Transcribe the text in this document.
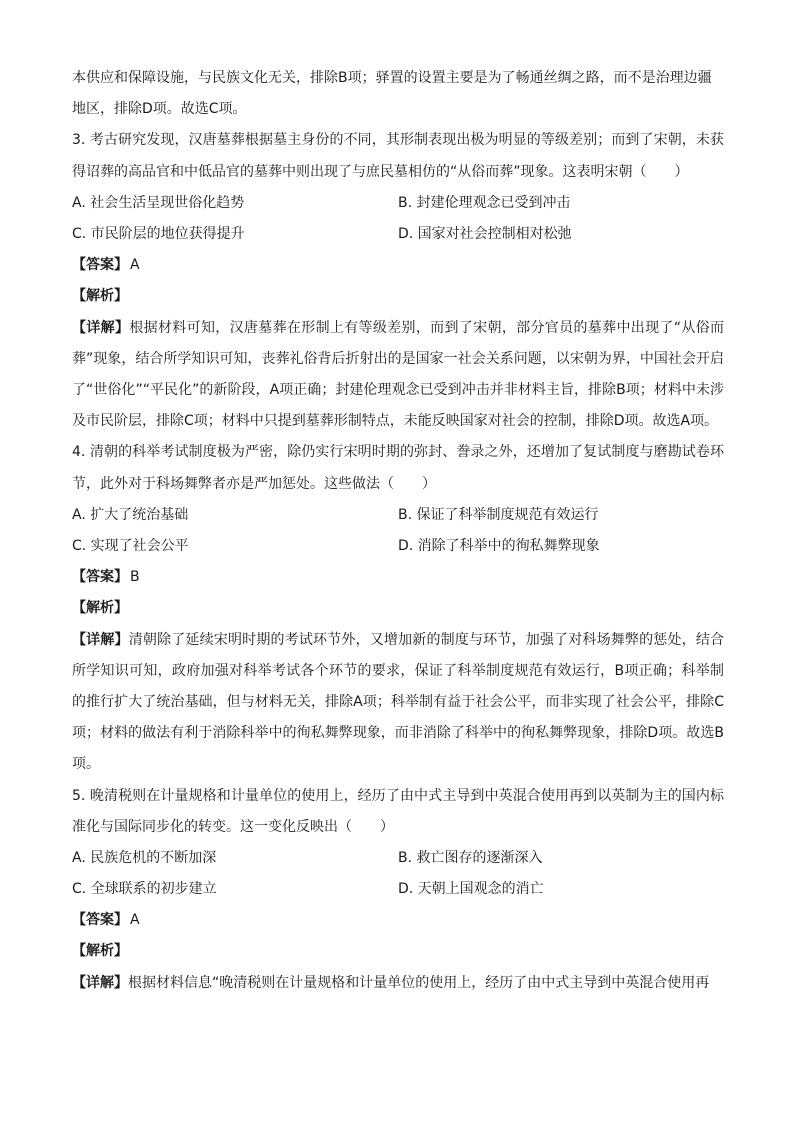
本供应和保障设施，与民族文化无关，排除B项；驿置的设置主要是为了畅通丝绸之路，而不是治理边疆
地区，排除D项。故选C项。
3. 考古研究发现，汉唐墓葬根据墓主身份的不同，其形制表现出极为明显的等级差别；而到了宋朝，未获得诏葬的高品官和中低品官的墓葬中则出现了与庶民墓相仿的“从俗而葬”现象。这表明宋朝（　　）
A. 社会生活呈现世俗化趋势	B. 封建伦理观念已受到冲击
C. 市民阶层的地位获得提升	D. 国家对社会控制相对松弛
【答案】 A
【解析】
【详解】根据材料可知，汉唐墓葬在形制上有等级差别，而到了宋朝，部分官员的墓葬中出现了“从俗而葬”现象，结合所学知识可知，丧葬礼俗背后折射出的是国家一社会关系问题，以宋朝为界，中国社会开启了“世俗化”“平民化”的新阶段，A项正确；封建伦理观念已受到冲击并非材料主旨，排除B项；材料中未涉及市民阶层，排除C项；材料中只提到墓葬形制特点，未能反映国家对社会的控制，排除D项。故选A项。
4. 清朝的科举考试制度极为严密，除仍实行宋明时期的弥封、誊录之外，还增加了复试制度与磨勘试卷环节，此外对于科场舞弊者亦是严加惩处。这些做法（　　）
A. 扩大了统治基础	B. 保证了科举制度规范有效运行
C. 实现了社会公平	D. 消除了科举中的徇私舞弊现象
【答案】 B
【解析】
【详解】清朝除了延续宋明时期的考试环节外，又增加新的制度与环节，加强了对科场舞弊的惩处，结合所学知识可知，政府加强对科举考试各个环节的要求，保证了科举制度规范有效运行，B项正确；科举制的推行扩大了统治基础，但与材料无关，排除A项；科举制有益于社会公平，而非实现了社会公平，排除C项；材料的做法有利于消除科举中的徇私舞弊现象，而非消除了科举中的徇私舞弊现象，排除D项。故选B项。
5. 晚清税则在计量规格和计量单位的使用上，经历了由中式主导到中英混合使用再到以英制为主的国内标准化与国际同步化的转变。这一变化反映出（　　）
A. 民族危机的不断加深	B. 救亡图存的逐渐深入
C. 全球联系的初步建立	D. 天朝上国观念的消亡
【答案】 A
【解析】
【详解】根据材料信息“晚清税则在计量规格和计量单位的使用上，经历了由中式主导到中英混合使用再
